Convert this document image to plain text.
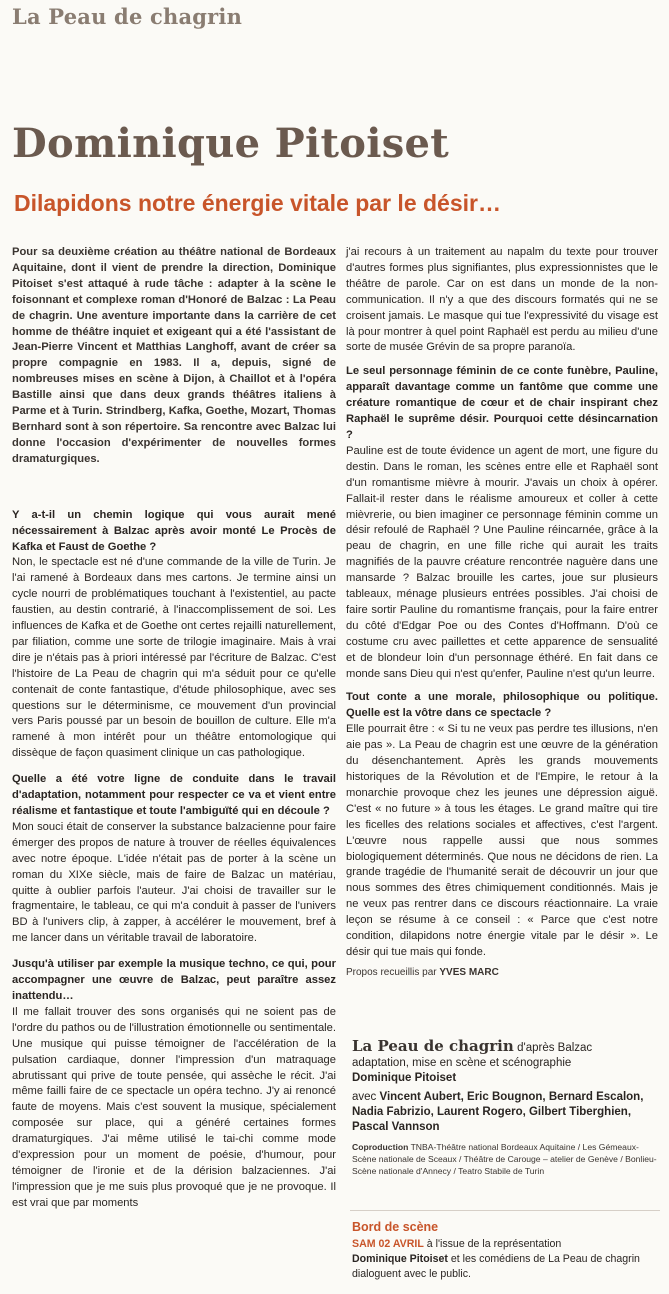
La Peau de chagrin
Dominique Pitoiset
Dilapidons notre énergie vitale par le désir…

Pour sa deuxième création au théâtre national de Bordeaux Aquitaine, dont il vient de prendre la direction, Dominique Pitoiset s'est attaqué à rude tâche : adapter à la scène le foisonnant et complexe roman d'Honoré de Balzac : La Peau de chagrin. Une aventure importante dans la carrière de cet homme de théâtre inquiet et exigeant qui a été l'assistant de Jean-Pierre Vincent et Matthias Langhoff, avant de créer sa propre compagnie en 1983. Il a, depuis, signé de nombreuses mises en scène à Dijon, à Chaillot et à l'opéra Bastille ainsi que dans deux grands théâtres italiens à Parme et à Turin. Strindberg, Kafka, Goethe, Mozart, Thomas Bernhard sont à son répertoire. Sa rencontre avec Balzac lui donne l'occasion d'expérimenter de nouvelles formes dramaturgiques.

Y a-t-il un chemin logique qui vous aurait mené nécessairement à Balzac après avoir monté Le Procès de Kafka et Faust de Goethe ?

Non, le spectacle est né d'une commande de la ville de Turin. Je l'ai ramené à Bordeaux dans mes cartons. Je termine ainsi un cycle nourri de problématiques touchant à l'existentiel, au pacte faustien, au destin contrarié, à l'inaccomplissement de soi. Les influences de Kafka et de Goethe ont certes rejailli naturellement, par filiation, comme une sorte de trilogie imaginaire. Mais à vrai dire je n'étais pas à priori intéressé par l'écriture de Balzac. C'est l'histoire de La Peau de chagrin qui m'a séduit pour ce qu'elle contenait de conte fantastique, d'étude philosophique, avec ses questions sur le déterminisme, ce mouvement d'un provincial vers Paris poussé par un besoin de bouillon de culture. Elle m'a ramené à mon intérêt pour un théâtre entomologique qui dissèque de façon quasiment clinique un cas pathologique.

Quelle a été votre ligne de conduite dans le travail d'adaptation, notamment pour respecter ce va et vient entre réalisme et fantastique et toute l'ambiguïté qui en découle ?

Mon souci était de conserver la substance balzacienne pour faire émerger des propos de nature à trouver de réelles équivalences avec notre époque. L'idée n'était pas de porter à la scène un roman du XIXe siècle, mais de faire de Balzac un matériau, quitte à oublier parfois l'auteur. J'ai choisi de travailler sur le fragmentaire, le tableau, ce qui m'a conduit à passer de l'univers BD à l'univers clip, à zapper, à accélérer le mouvement, bref à me lancer dans un véritable travail de laboratoire.

Jusqu'à utiliser par exemple la musique techno, ce qui, pour accompagner une œuvre de Balzac, peut paraître assez inattendu…

Il me fallait trouver des sons organisés qui ne soient pas de l'ordre du pathos ou de l'illustration émotionnelle ou sentimentale. Une musique qui puisse témoigner de l'accélération de la pulsation cardiaque, donner l'impression d'un matraquage abrutissant qui prive de toute pensée, qui assèche le récit. J'ai même failli faire de ce spectacle un opéra techno. J'y ai renoncé faute de moyens. Mais c'est souvent la musique, spécialement composée sur place, qui a généré certaines formes dramaturgiques. J'ai même utilisé le tai-chi comme mode d'expression pour un moment de poésie, d'humour, pour témoigner de l'ironie et de la dérision balzaciennes. J'ai l'impression que je me suis plus provoqué que je ne provoque. Il est vrai que par moments

j'ai recours à un traitement au napalm du texte pour trouver d'autres formes plus signifiantes, plus expressionnistes que le théâtre de parole. Car on est dans un monde de la non-communication. Il n'y a que des discours formatés qui ne se croisent jamais. Le masque qui tue l'expressivité du visage est là pour montrer à quel point Raphaël est perdu au milieu d'une sorte de musée Grévin de sa propre paranoïa.

Le seul personnage féminin de ce conte funèbre, Pauline, apparaît davantage comme un fantôme que comme une créature romantique de cœur et de chair inspirant chez Raphaël le suprême désir. Pourquoi cette désincarnation ?

Pauline est de toute évidence un agent de mort, une figure du destin. Dans le roman, les scènes entre elle et Raphaël sont d'un romantisme mièvre à mourir. J'avais un choix à opérer. Fallait-il rester dans le réalisme amoureux et coller à cette mièvrerie, ou bien imaginer ce personnage féminin comme un désir refoulé de Raphaël ? Une Pauline réincarnée, grâce à la peau de chagrin, en une fille riche qui aurait les traits magnifiés de la pauvre créature rencontrée naguère dans une mansarde ? Balzac brouille les cartes, joue sur plusieurs tableaux, ménage plusieurs entrées possibles. J'ai choisi de faire sortir Pauline du romantisme français, pour la faire entrer du côté d'Edgar Poe ou des Contes d'Hoffmann. D'où ce costume cru avec paillettes et cette apparence de sensualité et de blondeur loin d'un personnage éthéré. En fait dans ce monde sans Dieu qui n'est qu'enfer, Pauline n'est qu'un leurre.

Tout conte a une morale, philosophique ou politique. Quelle est la vôtre dans ce spectacle ?

Elle pourrait être : « Si tu ne veux pas perdre tes illusions, n'en aie pas ». La Peau de chagrin est une œuvre de la génération du désenchantement. Après les grands mouvements historiques de la Révolution et de l'Empire, le retour à la monarchie provoque chez les jeunes une dépression aiguë. C'est « no future » à tous les étages. Le grand maître qui tire les ficelles des relations sociales et affectives, c'est l'argent. L'œuvre nous rappelle aussi que nous sommes biologiquement déterminés. Que nous ne décidons de rien. La grande tragédie de l'humanité serait de découvrir un jour que nous sommes des êtres chimiquement conditionnés. Mais je ne veux pas rentrer dans ce discours réactionnaire. La vraie leçon se résume à ce conseil : « Parce que c'est notre condition, dilapidons notre énergie vitale par le désir ». Le désir qui tue mais qui fonde.

Propos recueillis par YVES MARC

La Peau de chagrin d'après Balzac
adaptation, mise en scène et scénographie
Dominique Pitoiset
avec Vincent Aubert, Eric Bougnon, Bernard Escalon, Nadia Fabrizio, Laurent Rogero, Gilbert Tiberghien, Pascal Vannson
Coproduction TNBA-Théâtre national Bordeaux Aquitaine / Les Gémeaux-Scène nationale de Sceaux / Théâtre de Carouge – atelier de Genève / Bonlieu-Scène nationale d'Annecy / Teatro Stabile de Turin
Bord de scène
SAM 02 AVRIL à l'issue de la représentation
Dominique Pitoiset et les comédiens de La Peau de chagrin dialoguent avec le public.
